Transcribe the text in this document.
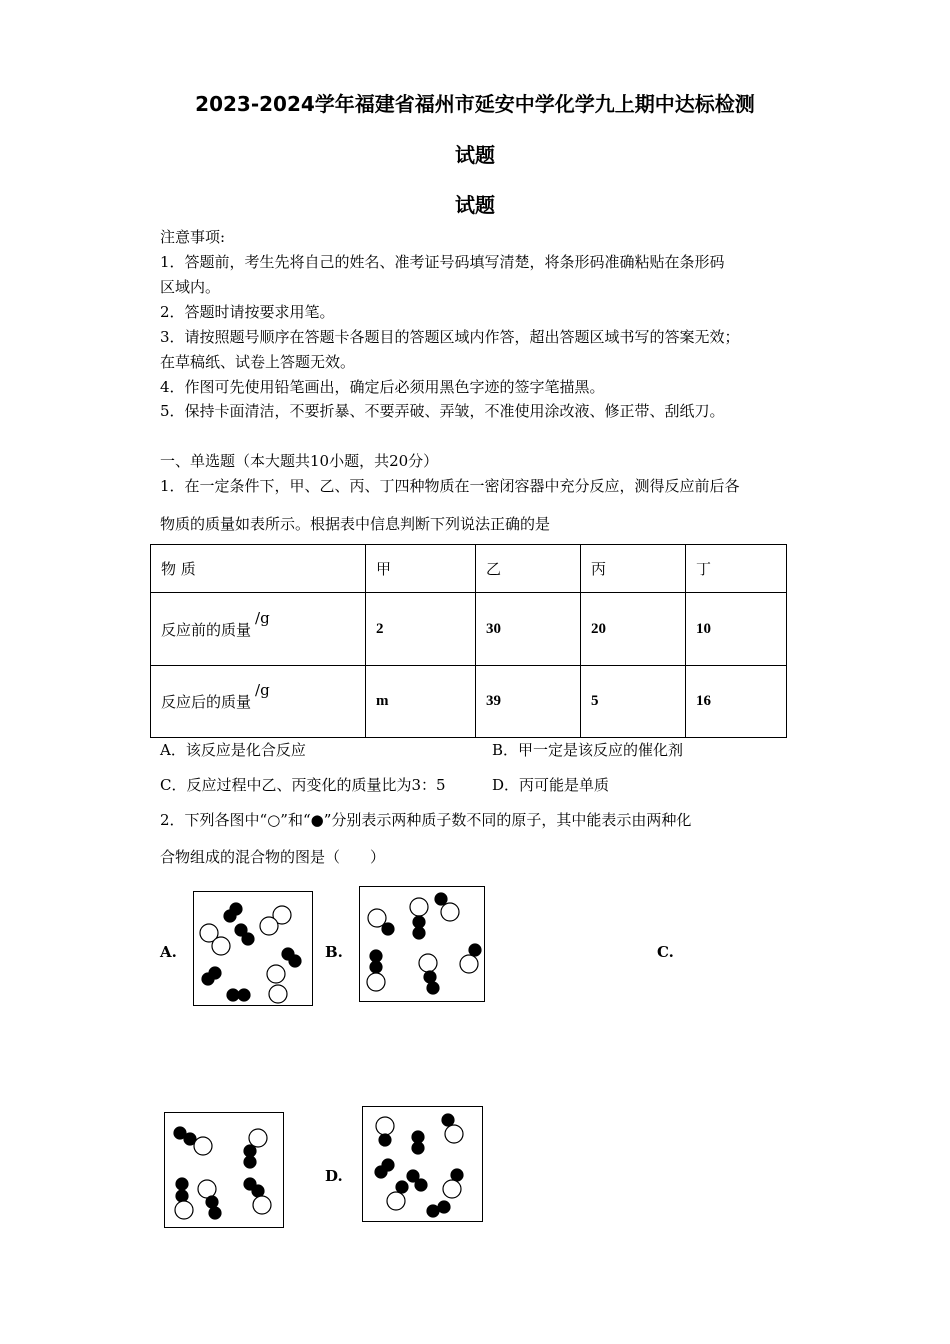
2023-2024学年福建省福州市延安中学化学九上期中达标检测
试题
试题
注意事项:
1．答题前，考生先将自己的姓名、准考证号码填写清楚，将条形码准确粘贴在条形码
区域内。
2．答题时请按要求用笔。
3．请按照题号顺序在答题卡各题目的答题区域内作答，超出答题区域书写的答案无效；
在草稿纸、试卷上答题无效。
4．作图可先使用铅笔画出，确定后必须用黑色字迹的签字笔描黑。
5．保持卡面清洁，不要折暴、不要弄破、弄皱，不准使用涂改液、修正带、刮纸刀。
一、单选题（本大题共10小题，共20分）
1．在一定条件下，甲、乙、丙、丁四种物质在一密闭容器中充分反应，测得反应前后各
物质的质量如表所示。根据表中信息判断下列说法正确的是
物 质	甲	乙	丙	丁
反应前的质量/g	2	30	20	10
反应后的质量/g	m	39	5	16
A．该反应是化合反应	B．甲一定是该反应的催化剂
C．反应过程中乙、丙变化的质量比为3：5	D．丙可能是单质
2．下列各图中“○”和“●”分别表示两种质子数不同的原子，其中能表示由两种化
合物组成的混合物的图是（　　）
A.	B.	C.
D.
